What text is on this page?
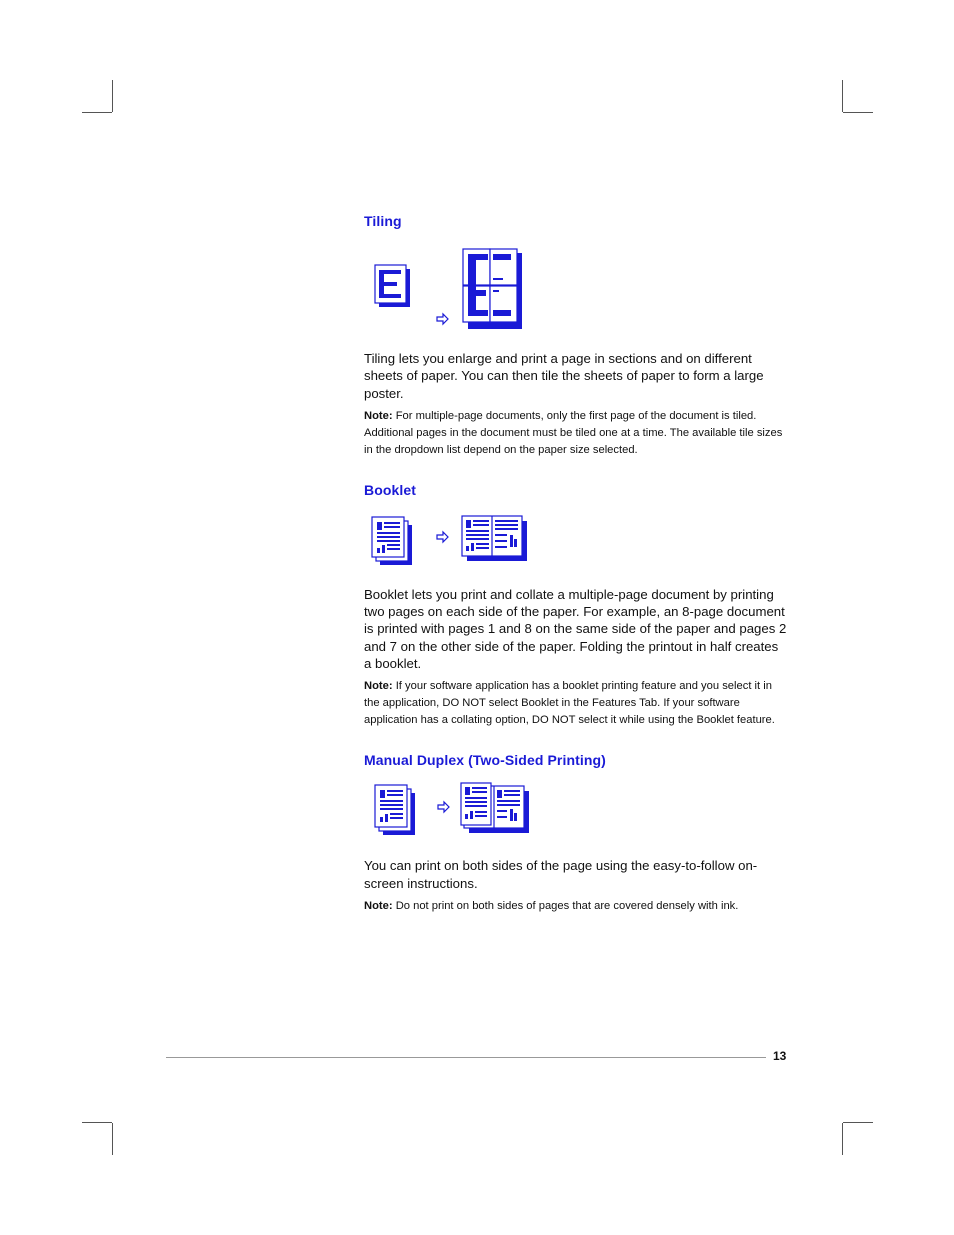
Tiling

Tiling lets you enlarge and print a page in sections and on different sheets of paper. You can then tile the sheets of paper to form a large poster.

Note: For multiple-page documents, only the first page of the document is tiled. Additional pages in the document must be tiled one at a time. The available tile sizes in the dropdown list depend on the paper size selected.

Booklet

Booklet lets you print and collate a multiple-page document by printing two pages on each side of the paper. For example, an 8-page document is printed with pages 1 and 8 on the same side of the paper and pages 2 and 7 on the other side of the paper. Folding the printout in half creates a booklet.

Note: If your software application has a booklet printing feature and you select it in the application, DO NOT select Booklet in the Features Tab. If your software application has a collating option, DO NOT select it while using the Booklet feature.

Manual Duplex (Two-Sided Printing)

You can print on both sides of the page using the easy-to-follow on-screen instructions.

Note: Do not print on both sides of pages that are covered densely with ink.

13
